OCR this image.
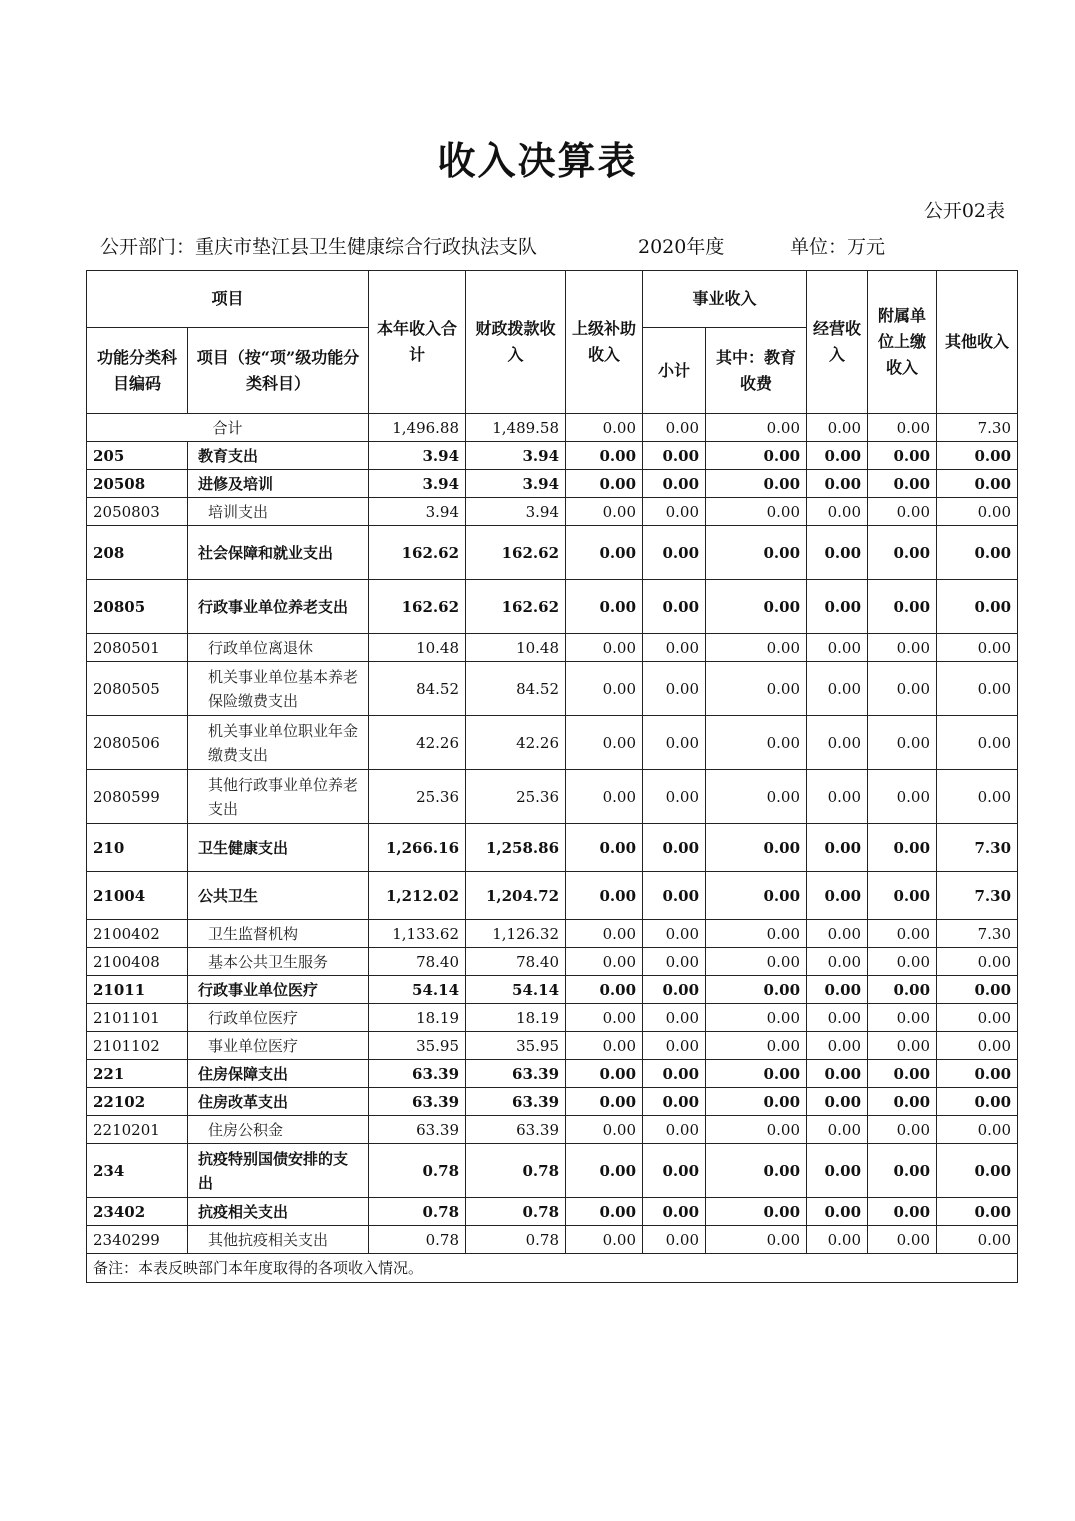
收入决算表
公开02表
公开部门：重庆市垫江县卫生健康综合行政执法支队	2020年度	单位：万元
项目		本年收入合计	财政拨款收入	上级补助收入	事业收入		经营收入	附属单位上缴收入	其他收入
功能分类科目编码	项目（按“项”级功能分类科目）				小计	其中：教育收费			

合计		1,496.88	1,489.58	0.00	0.00	0.00	0.00	0.00	7.30
205	教育支出	3.94	3.94	0.00	0.00	0.00	0.00	0.00	0.00
20508	进修及培训	3.94	3.94	0.00	0.00	0.00	0.00	0.00	0.00
2050803	培训支出	3.94	3.94	0.00	0.00	0.00	0.00	0.00	0.00
208	社会保障和就业支出	162.62	162.62	0.00	0.00	0.00	0.00	0.00	0.00
20805	行政事业单位养老支出	162.62	162.62	0.00	0.00	0.00	0.00	0.00	0.00
2080501	行政单位离退休	10.48	10.48	0.00	0.00	0.00	0.00	0.00	0.00
2080505	机关事业单位基本养老保险缴费支出	84.52	84.52	0.00	0.00	0.00	0.00	0.00	0.00
2080506	机关事业单位职业年金缴费支出	42.26	42.26	0.00	0.00	0.00	0.00	0.00	0.00
2080599	其他行政事业单位养老支出	25.36	25.36	0.00	0.00	0.00	0.00	0.00	0.00
210	卫生健康支出	1,266.16	1,258.86	0.00	0.00	0.00	0.00	0.00	7.30
21004	公共卫生	1,212.02	1,204.72	0.00	0.00	0.00	0.00	0.00	7.30
2100402	卫生监督机构	1,133.62	1,126.32	0.00	0.00	0.00	0.00	0.00	7.30
2100408	基本公共卫生服务	78.40	78.40	0.00	0.00	0.00	0.00	0.00	0.00
21011	行政事业单位医疗	54.14	54.14	0.00	0.00	0.00	0.00	0.00	0.00
2101101	行政单位医疗	18.19	18.19	0.00	0.00	0.00	0.00	0.00	0.00
2101102	事业单位医疗	35.95	35.95	0.00	0.00	0.00	0.00	0.00	0.00
221	住房保障支出	63.39	63.39	0.00	0.00	0.00	0.00	0.00	0.00
22102	住房改革支出	63.39	63.39	0.00	0.00	0.00	0.00	0.00	0.00
2210201	住房公积金	63.39	63.39	0.00	0.00	0.00	0.00	0.00	0.00
234	抗疫特别国债安排的支出	0.78	0.78	0.00	0.00	0.00	0.00	0.00	0.00
23402	抗疫相关支出	0.78	0.78	0.00	0.00	0.00	0.00	0.00	0.00
2340299	其他抗疫相关支出	0.78	0.78	0.00	0.00	0.00	0.00	0.00	0.00
备注：本表反映部门本年度取得的各项收入情况。									
